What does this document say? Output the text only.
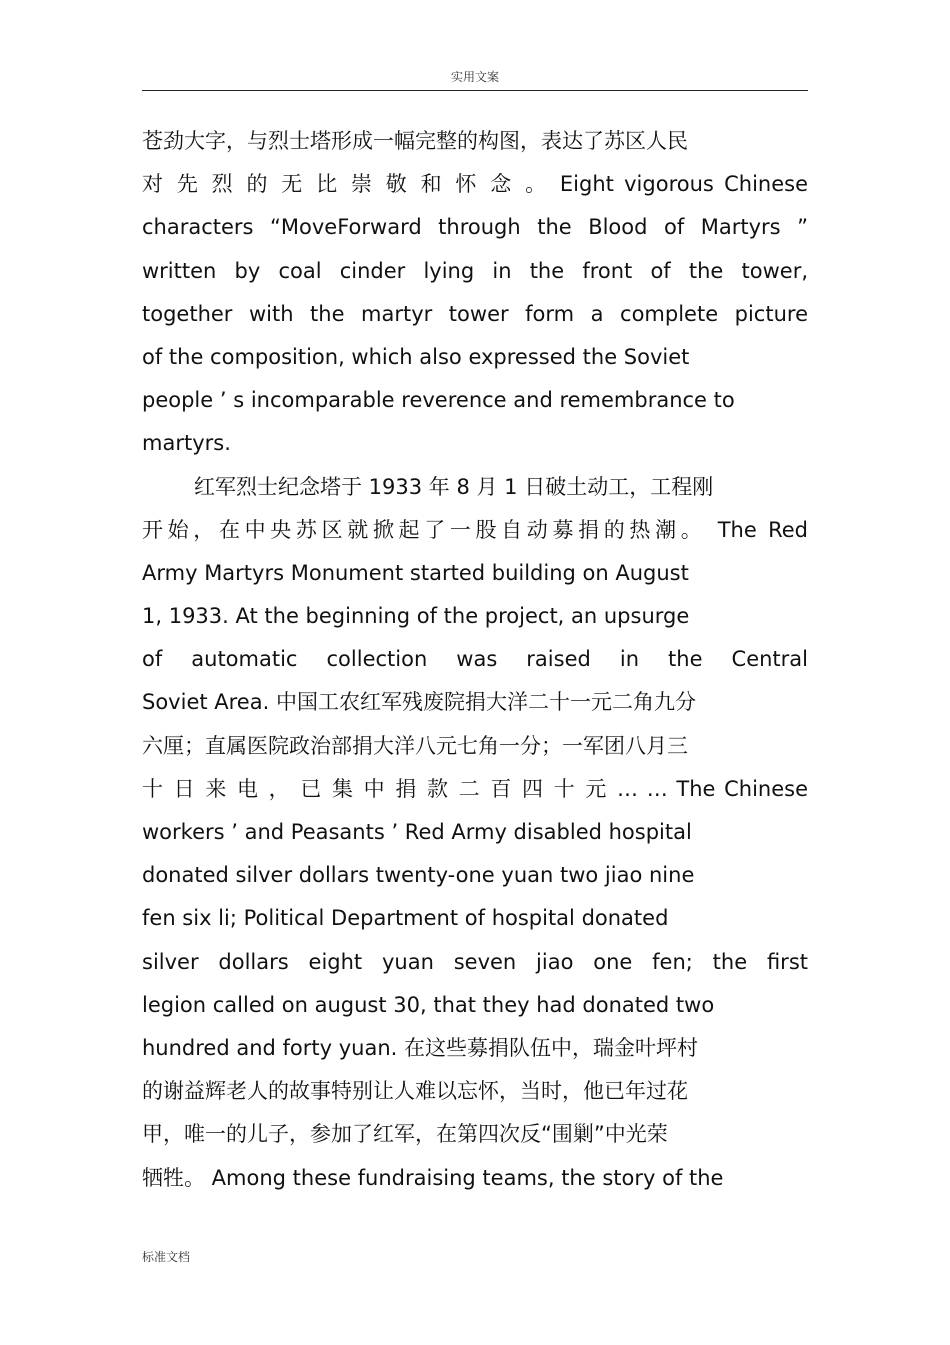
实用文案
苍劲大字，与烈士塔形成一幅完整的构图，表达了苏区人民
对 先 烈 的 无 比 崇 敬 和 怀 念 。 Eight vigorous Chinese
characters “MoveForward through the Blood of Martyrs ”
written by coal cinder lying in the front of the tower,
together with the martyr tower form a complete picture
of the composition, which also expressed the Soviet
people ’ s incomparable reverence and remembrance to
martyrs.
红军烈士纪念塔于 1933 年 8 月 1 日破土动工，工程刚
开始，在中央苏区就掀起了一股自动募捐的热潮。 The Red
Army Martyrs Monument started building on August
1, 1933. At the beginning of the project, an upsurge
of automatic collection was raised in the Central
Soviet Area. 中国工农红军残废院捐大洋二十一元二角九分
六厘；直属医院政治部捐大洋八元七角一分；一军团八月三
十 日 来 电 ， 已 集 中 捐 款 二 百 四 十 元 … … The Chinese
workers ’ and Peasants ’ Red Army disabled hospital
donated silver dollars twenty-one yuan two jiao nine
fen six li; Political Department of hospital donated
silver dollars eight yuan seven jiao one fen; the first
legion called on august 30, that they had donated two
hundred and forty yuan. 在这些募捐队伍中，瑞金叶坪村
的谢益辉老人的故事特别让人难以忘怀，当时，他已年过花
甲，唯一的儿子，参加了红军，在第四次反“围剿”中光荣
牺牲。 Among these fundraising teams, the story of the
标准文档
